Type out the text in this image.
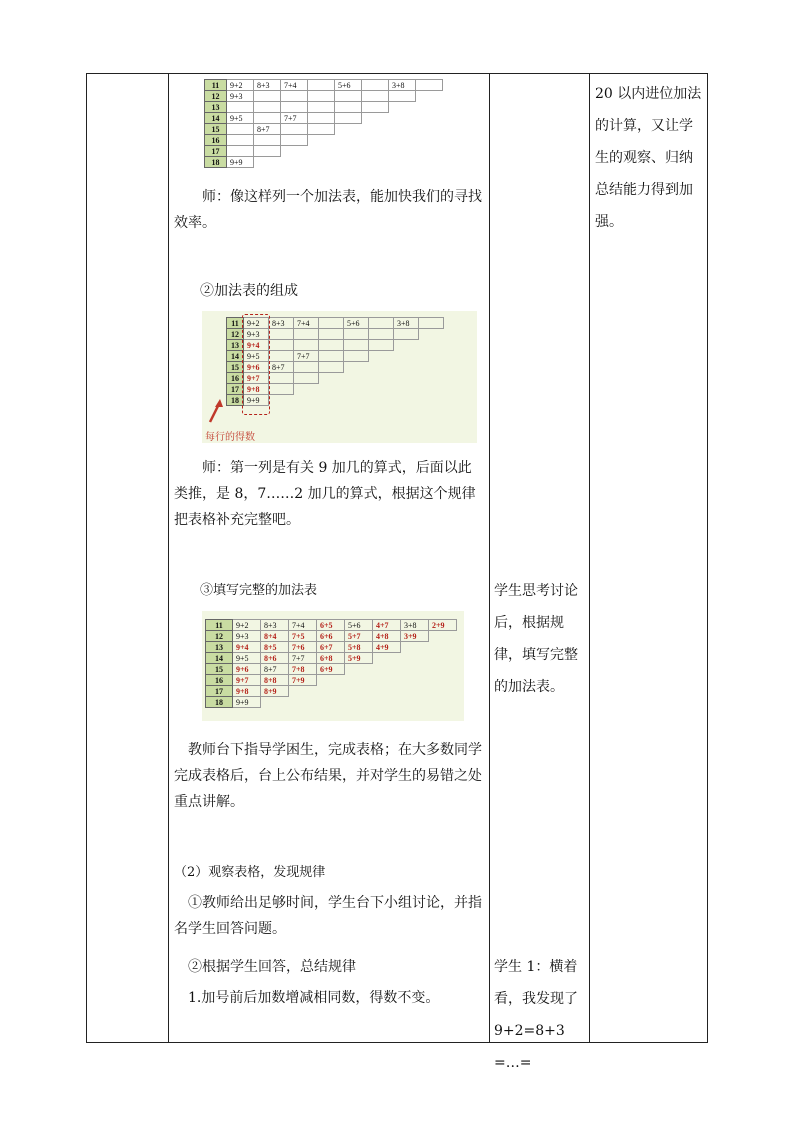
11	9+2	8+3	7+4		5+6		3+8	
12	9+3							
13								
14	9+5		7+7					
15		8+7						
16								
17								
18	9+9							
师：像这样列一个加法表，能加快我们的寻找效率。
②加法表的组成
11	9+2	8+3	7+4		5+6		3+8	
12	9+3							
13	9+4							
14	9+5		7+7					
15	9+6	8+7						
16	9+7							
17	9+8							
18	9+9							
每行的得数
师：第一列是有关 9 加几的算式，后面以此类推，是 8，7……2 加几的算式，根据这个规律把表格补充完整吧。
③填写完整的加法表
11	9+2	8+3	7+4	6+5	5+6	4+7	3+8	2+9
12	9+3	8+4	7+5	6+6	5+7	4+8	3+9	
13	9+4	8+5	7+6	6+7	5+8	4+9		
14	9+5	8+6	7+7	6+8	5+9			
15	9+6	8+7	7+8	6+9				
16	9+7	8+8	7+9					
17	9+8	8+9						
18	9+9							
教师台下指导学困生，完成表格；在大多数同学完成表格后，台上公布结果，并对学生的易错之处重点讲解。
（2）观察表格，发现规律
①教师给出足够时间，学生台下小组讨论，并指名学生回答问题。
②根据学生回答，总结规律
1.加号前后加数增减相同数，得数不变。
学生思考讨论后，根据规律，填写完整的加法表。
学生 1：横着看，我发现了 9+2=8+3=…=
20 以内进位加法的计算，又让学生的观察、归纳总结能力得到加强。
